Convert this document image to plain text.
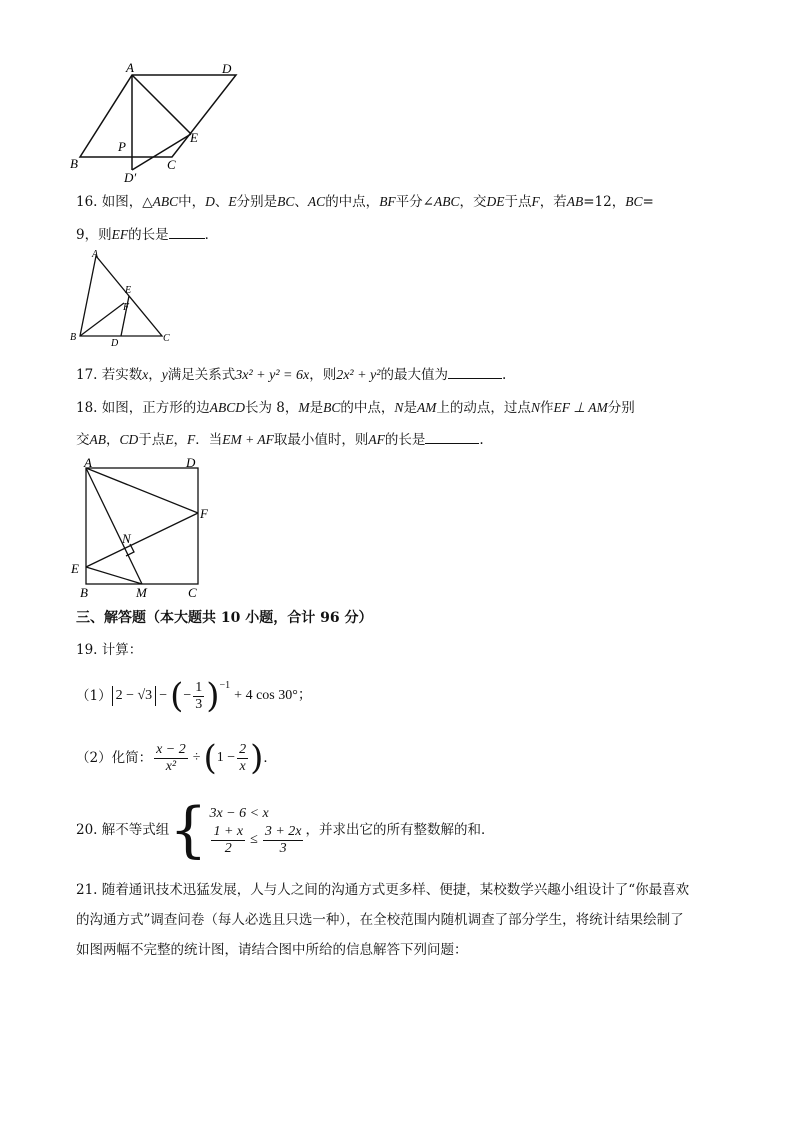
A	D
B
P
C
E
D′
16. 如图，△ABC中，D、E分别是BC、AC的中点，BF平分∠ABC，交DE于点F，若AB=12，BC=
9，则EF的长是	．
A
E
F
B
D	C
17. 若实数x，y满足关系式3x² + y² = 6x，则2x² + y²的最大值为	.
18. 如图，正方形的边ABCD长为 8，M是BC的中点，N是AM上的动点，过点N作EF ⊥ AM分别
交AB，CD于点E，F．当EM + AF取最小值时，则AF的长是	.
A	D
F
N
E
B	M	C
三、解答题（本大题共 10 小题，合计 96 分）
19. 计算：
（1） 2 − √3 − ( − $\frac{1}{3}$ ) −1
+ 4 cos 30°；
（2）化简： $\frac{x - 2}{\text{x²}}$ ÷ ( $1 - \frac{2}{x}$ ) ．
20. 解不等式组 { 3x − 6 < x
$\frac{1 + x}{2} \le \frac{3 + 2x}{3}$ ，并求出它的所有整数解的和．
21. 随着通讯技术迅猛发展，人与人之间的沟通方式更多样、便捷，某校数学兴趣小组设计了“你最喜欢
的沟通方式”调查问卷（每人必选且只选一种），在全校范围内随机调查了部分学生，将统计结果绘制了
如图两幅不完整的统计图，请结合图中所给的信息解答下列问题：
